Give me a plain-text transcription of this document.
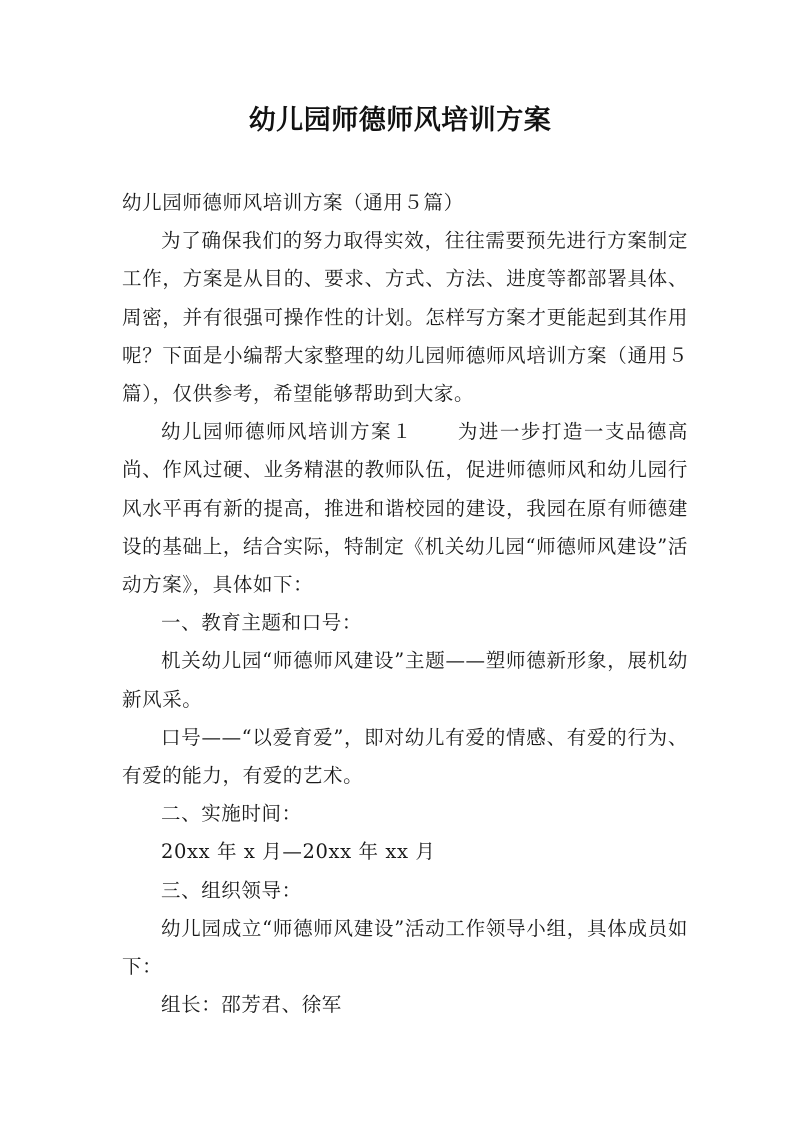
幼儿园师德师风培训方案

幼儿园师德师风培训方案（通用５篇）

为了确保我们的努力取得实效，往往需要预先进行方案制定工作，方案是从目的、要求、方式、方法、进度等都部署具体、周密，并有很强可操作性的计划。怎样写方案才更能起到其作用呢？下面是小编帮大家整理的幼儿园师德师风培训方案（通用５篇），仅供参考，希望能够帮助到大家。

幼儿园师德师风培训方案１ 为进一步打造一支品德高尚、作风过硬、业务精湛的教师队伍，促进师德师风和幼儿园行风水平再有新的提高，推进和谐校园的建设，我园在原有师德建设的基础上，结合实际，特制定《机关幼儿园“师德师风建设”活动方案》，具体如下：

一、教育主题和口号：

机关幼儿园“师德师风建设”主题——塑师德新形象，展机幼新风采。

口号——“以爱育爱”，即对幼儿有爱的情感、有爱的行为、有爱的能力，有爱的艺术。

二、实施时间：

20xx 年 x 月—20xx 年 xx 月

三、组织领导：

幼儿园成立“师德师风建设”活动工作领导小组，具体成员如下：

组长：邵芳君、徐军
